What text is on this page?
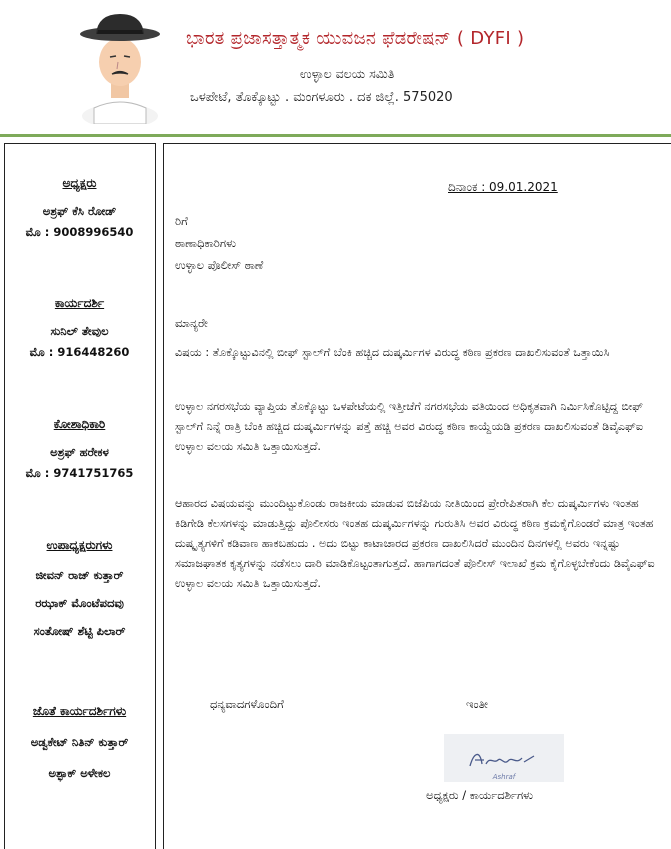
ಭಾರತ ಪ್ರಜಾಸತ್ತಾತ್ಮಕ ಯುವಜನ ಫೆಡರೇಷನ್ ( DYFI )
ಉಳ್ಳಾಲ ವಲಯ ಸಮಿತಿ
ಒಳಪೇಟೆ, ತೊಕ್ಕೊಟ್ಟು . ಮಂಗಳೂರು . ದಕ ಜಿಲ್ಲೆ. 575020
ಅಧ್ಯಕ್ಷರು
ಅಶ್ರಫ್ ಕೆಸಿ ರೋಡ್
ಮೊ : 9008996540
ಕಾರ್ಯದರ್ಶಿ
ಸುನಿಲ್ ತೇವುಲ
ಮೊ : 916448260
ಕೋಶಾಧಿಕಾರಿ
ಅಶ್ರಫ್ ಹರೇಕಳ
ಮೊ : 9741751765
ಉಪಾಧ್ಯಕ್ಷರುಗಳು
ಜೀವನ್ ರಾಜ್ ಕುತ್ತಾರ್
ರಝಾಕ್ ಮೊಂಟೆಪದವು
ಸಂತೋಷ್ ಶೆಟ್ಟಿ ಪಿಲಾರ್
ಜೊತೆ ಕಾರ್ಯದರ್ಶಿಗಳು
ಅಡ್ವಕೇಟ್ ನಿತಿನ್ ಕುತ್ತಾರ್
ಅಶ್ಫಾಕ್ ಅಳೇಕಲ
ದಿನಾಂಕ : 09.01.2021
ರಿಗೆ
ಠಾಣಾಧಿಕಾರಿಗಳು
ಉಳ್ಳಾಲ ಪೊಲೀಸ್ ಠಾಣೆ
ಮಾನ್ಯರೇ

ವಿಷಯ : ತೊಕ್ಕೊಟ್ಟುವಿನಲ್ಲಿ ಬೀಫ್ ಸ್ಟಾಲ್‌ಗೆ ಬೆಂಕಿ ಹಚ್ಚಿದ ದುಷ್ಕರ್ಮಿಗಳ ವಿರುದ್ಧ ಕಠಿಣ ಪ್ರಕರಣ ದಾಖಲಿಸುವಂತೆ ಒತ್ತಾಯಿಸಿ

ಉಳ್ಳಾಲ ನಗರಸಭೆಯ ವ್ಯಾಪ್ತಿಯ ತೊಕ್ಕೊಟ್ಟು ಒಳಪೇಟೆಯಲ್ಲಿ ಇತ್ತೀಚೆಗೆ ನಗರಸಭೆಯ ವತಿಯಿಂದ ಅಧಿಕೃತವಾಗಿ ನಿರ್ಮಿಸಿಕೊಟ್ಟಿದ್ದ ಬೀಫ್ ಸ್ಟಾಲ್‌ಗೆ ನಿನ್ನೆ ರಾತ್ರಿ ಬೆಂಕಿ ಹಚ್ಚಿದ ದುಷ್ಕರ್ಮಿಗಳನ್ನು ಪತ್ತೆ ಹಚ್ಚಿ ಅವರ ವಿರುದ್ಧ ಕಠಿಣ ಕಾಯ್ದೆಯಡಿ ಪ್ರಕರಣ ದಾಖಲಿಸುವಂತೆ ಡಿವೈಎಫ್‌ಐ ಉಳ್ಳಾಲ ವಲಯ ಸಮಿತಿ ಒತ್ತಾಯಿಸುತ್ತದೆ.

ಆಹಾರದ ವಿಷಯವನ್ನು ಮುಂದಿಟ್ಟುಕೊಂಡು ರಾಜಕೀಯ ಮಾಡುವ ಬಿಜೆಪಿಯ ನೀತಿಯಿಂದ ಪ್ರೇರೇಪಿತರಾಗಿ ಕೆಲ ದುಷ್ಕರ್ಮಿಗಳು ಇಂತಹ ಕಿಡಿಗೇಡಿ ಕೆಲಸಗಳನ್ನು ಮಾಡುತ್ತಿದ್ದು ಪೊಲೀಸರು ಇಂತಹ ದುಷ್ಕರ್ಮಿಗಳನ್ನು ಗುರುತಿಸಿ ಅವರ ವಿರುದ್ಧ ಕಠಿಣ ಕ್ರಮಕೈಗೊಂಡರೆ ಮಾತ್ರ ಇಂತಹ ದುಷ್ಕೃತ್ಯಗಳಿಗೆ ಕಡಿವಾಣ ಹಾಕಬಹುದು . ಅದು ಬಿಟ್ಟು ಕಾಟಾಚಾರದ ಪ್ರಕರಣ ದಾಖಲಿಸಿದರೆ ಮುಂದಿನ ದಿನಗಳಲ್ಲಿ ಅವರು ಇನ್ನಷ್ಟು ಸಮಾಜಘಾತಕ ಕೃತ್ಯಗಳನ್ನು ನಡೆಸಲು ದಾರಿ ಮಾಡಿಕೊಟ್ಟಂತಾಗುತ್ತದೆ. ಹಾಗಾಗದಂತೆ ಪೊಲೀಸ್ ಇಲಾಖೆ ಕ್ರಮ ಕೈಗೊಳ್ಳಬೇಕೆಂದು ಡಿವೈಎಫ್‌ಐ ಉಳ್ಳಾಲ ವಲಯ ಸಮಿತಿ ಒತ್ತಾಯಿಸುತ್ತದೆ.

ಧನ್ಯವಾದಗಳೊಂದಿಗೆ	ಇಂತೀ
Ashraf
ಅಧ್ಯಕ್ಷರು / ಕಾರ್ಯದರ್ಶಿಗಳು
